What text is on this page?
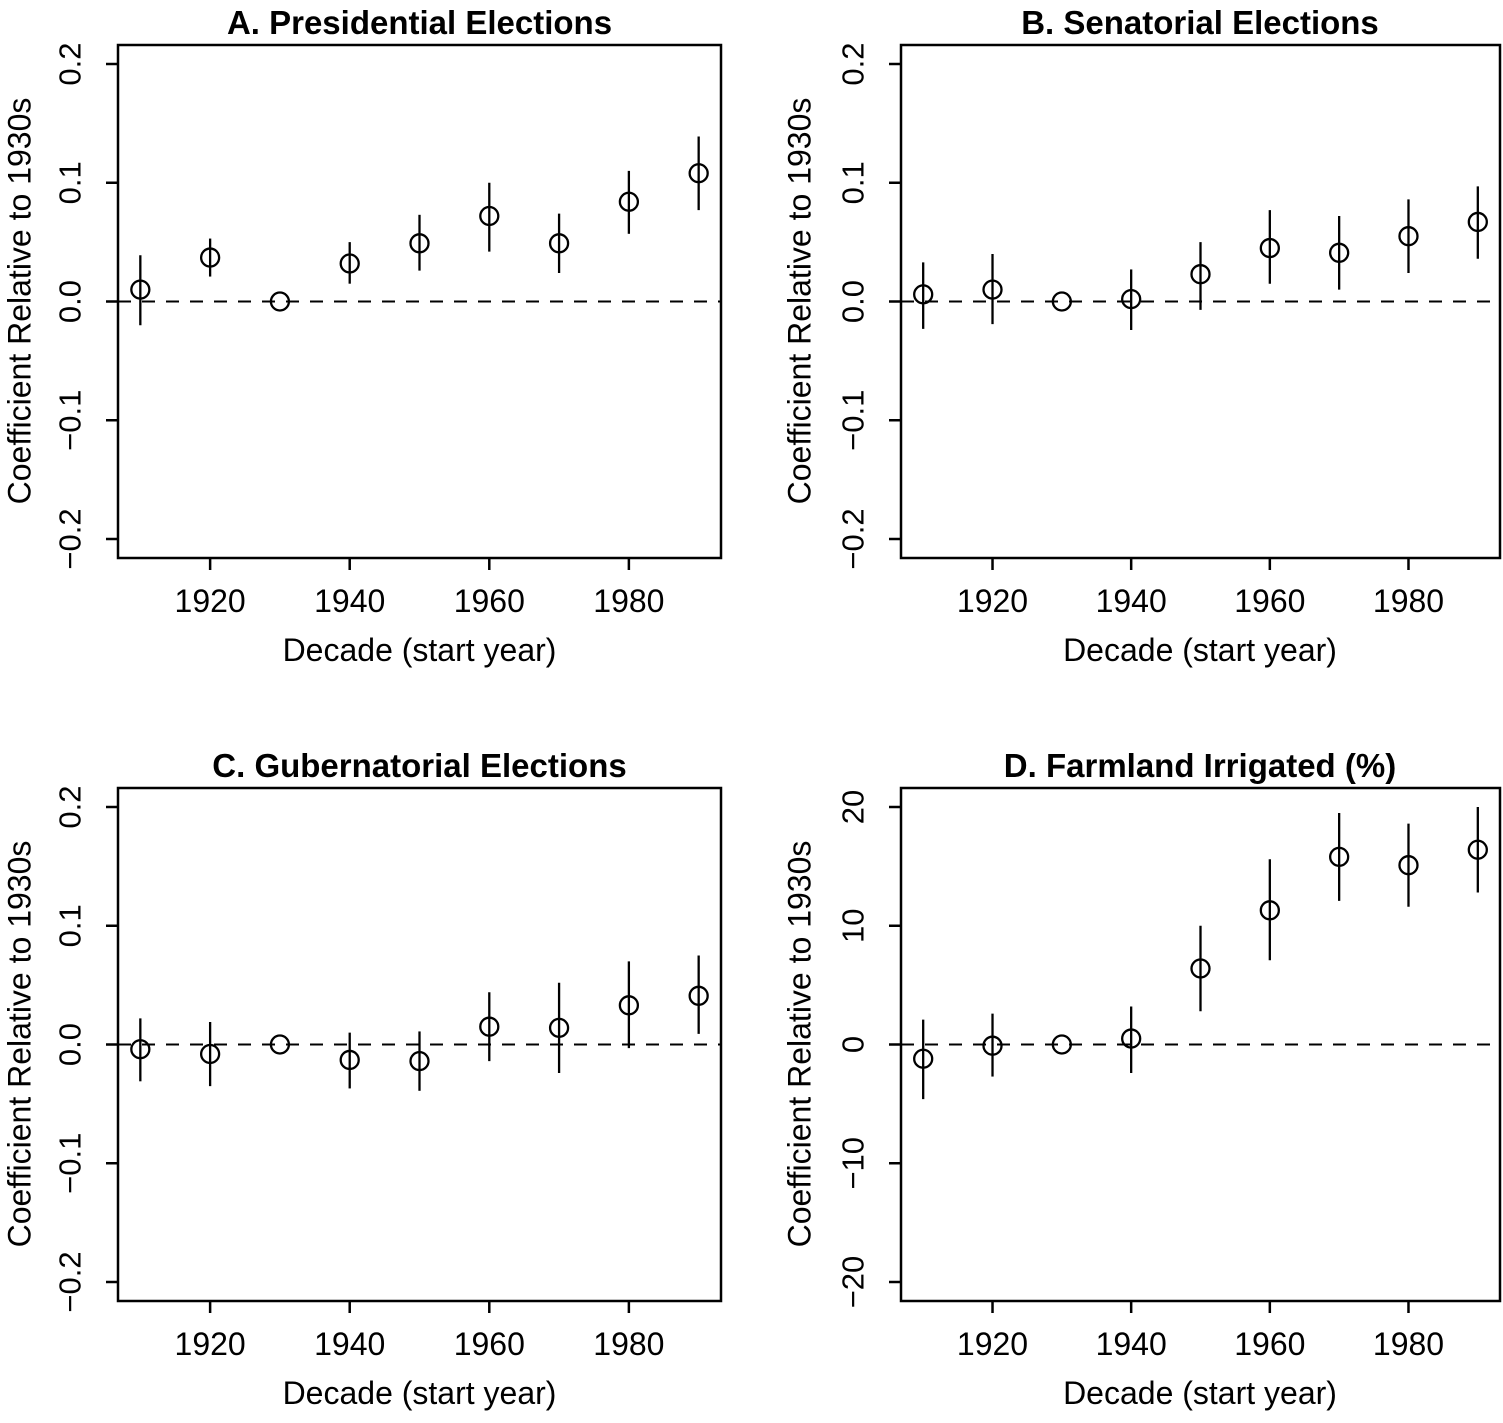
A. Presidential Elections
Coefficient Relative to 1930s
−0.2
−0.1
0.0
0.1
0.2
1920 1940 1960 1980
Decade (start year)
B. Senatorial Elections
Coefficient Relative to 1930s
−0.2
−0.1
0.0
0.1
0.2
1920 1940 1960 1980
Decade (start year)
C. Gubernatorial Elections
Coefficient Relative to 1930s
−0.2
−0.1
0.0
0.1
0.2
1920 1940 1960 1980
Decade (start year)
D. Farmland Irrigated (%)
Coefficient Relative to 1930s
−20
−10
0
10
20
1920 1940 1960 1980
Decade (start year)
